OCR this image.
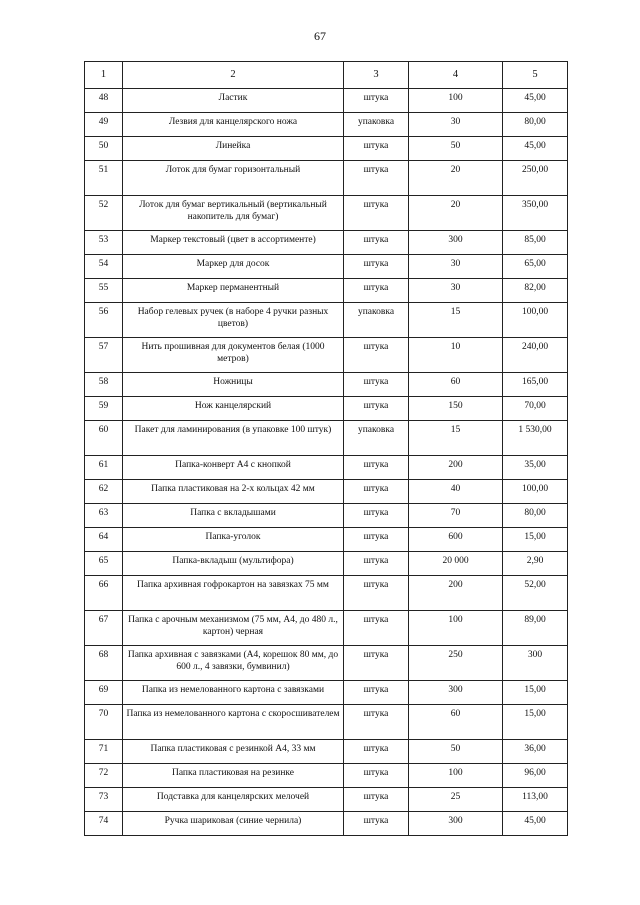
67
1	2	3	4	5
48	Ластик	штука	100	45,00
49	Лезвия для канцелярского ножа	упаковка	30	80,00
50	Линейка	штука	50	45,00
51	Лоток для бумаг горизонтальный	штука	20	250,00
52	Лоток для бумаг вертикальный (вертикальный накопитель для бумаг)	штука	20	350,00
53	Маркер текстовый (цвет в ассортименте)	штука	300	85,00
54	Маркер для досок	штука	30	65,00
55	Маркер перманентный	штука	30	82,00
56	Набор гелевых ручек (в наборе 4 ручки разных цветов)	упаковка	15	100,00
57	Нить прошивная для документов белая (1000 метров)	штука	10	240,00
58	Ножницы	штука	60	165,00
59	Нож канцелярский	штука	150	70,00
60	Пакет для ламинирования (в упаковке 100 штук)	упаковка	15	1 530,00
61	Папка-конверт А4 с кнопкой	штука	200	35,00
62	Папка пластиковая на 2-х кольцах 42 мм	штука	40	100,00
63	Папка с вкладышами	штука	70	80,00
64	Папка-уголок	штука	600	15,00
65	Папка-вкладыш (мультифора)	штука	20 000	2,90
66	Папка архивная гофрокартон на завязках 75 мм	штука	200	52,00
67	Папка с арочным механизмом (75 мм, А4, до 480 л., картон) черная	штука	100	89,00
68	Папка архивная с завязками (А4, корешок 80 мм, до 600 л., 4 завязки, бумвинил)	штука	250	300
69	Папка из немелованного картона с завязками	штука	300	15,00
70	Папка из немелованного картона с скоросшивателем	штука	60	15,00
71	Папка пластиковая с резинкой А4, 33 мм	штука	50	36,00
72	Папка пластиковая на резинке	штука	100	96,00
73	Подставка для канцелярских мелочей	штука	25	113,00
74	Ручка шариковая (синие чернила)	штука	300	45,00
